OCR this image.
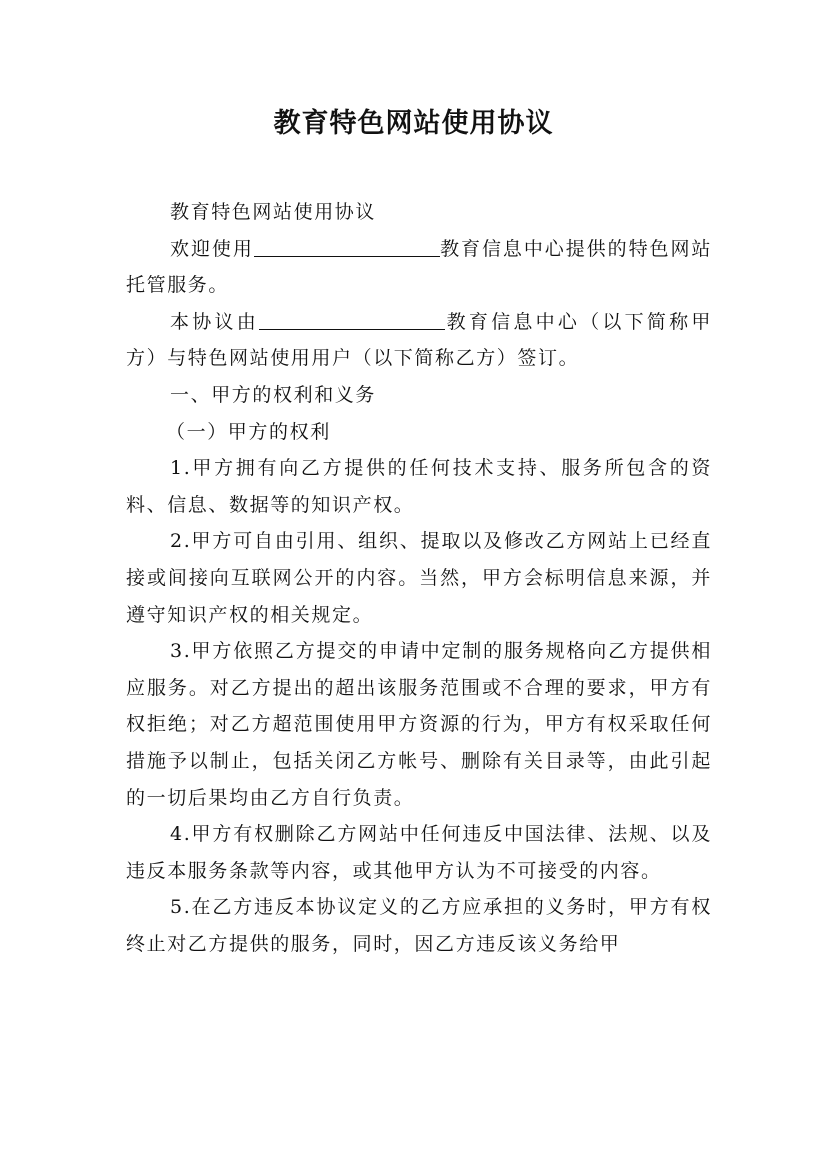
教育特色网站使用协议

教育特色网站使用协议

欢迎使用	教育信息中心提供的特色网站托管服务。

本协议由	教育信息中心（以下简称甲方）与特色网站使用用户（以下简称乙方）签订。

一、甲方的权利和义务

（一）甲方的权利

1.甲方拥有向乙方提供的任何技术支持、服务所包含的资料、信息、数据等的知识产权。

2.甲方可自由引用、组织、提取以及修改乙方网站上已经直接或间接向互联网公开的内容。当然，甲方会标明信息来源，并遵守知识产权的相关规定。

3.甲方依照乙方提交的申请中定制的服务规格向乙方提供相应服务。对乙方提出的超出该服务范围或不合理的要求，甲方有权拒绝；对乙方超范围使用甲方资源的行为，甲方有权采取任何措施予以制止，包括关闭乙方帐号、删除有关目录等，由此引起的一切后果均由乙方自行负责。

4.甲方有权删除乙方网站中任何违反中国法律、法规、以及违反本服务条款等内容，或其他甲方认为不可接受的内容。

5.在乙方违反本协议定义的乙方应承担的义务时，甲方有权终止对乙方提供的服务，同时，因乙方违反该义务给甲
